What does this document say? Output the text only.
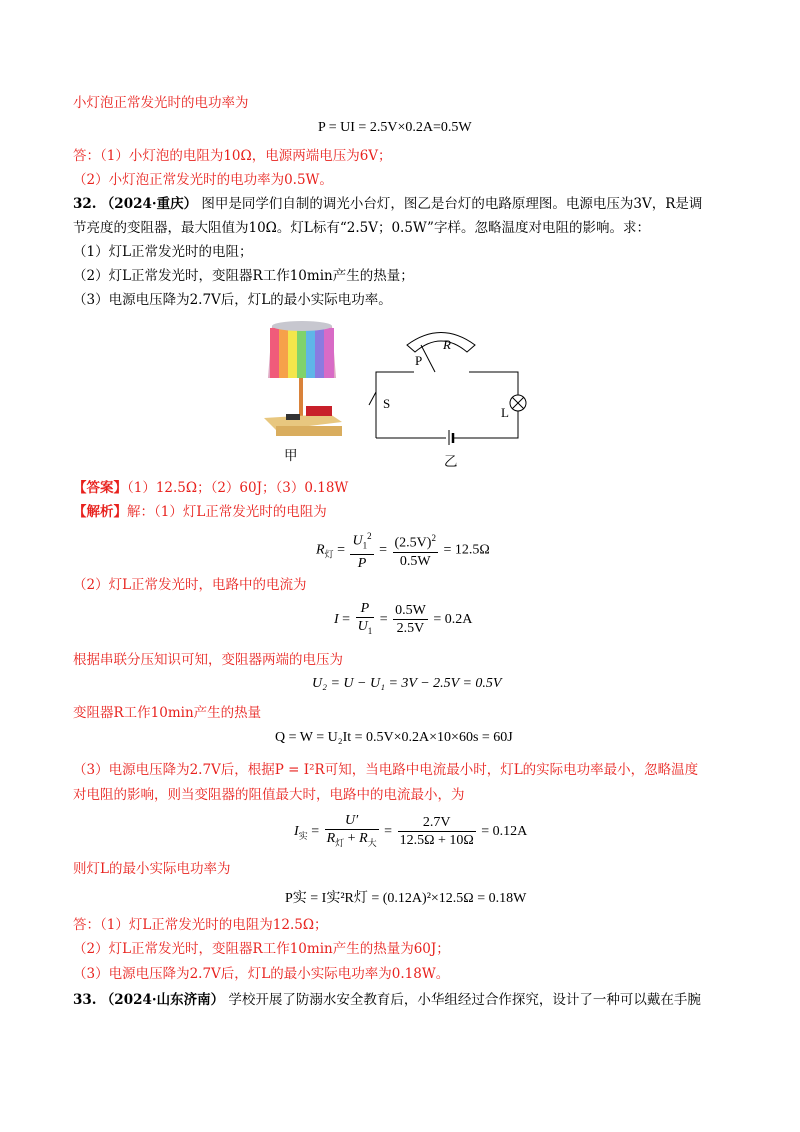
小灯泡正常发光时的电功率为
P = UI = 2.5V×0.2A=0.5W
答：（1）小灯泡的电阻为10Ω，电源两端电压为6V；
（2）小灯泡正常发光时的电功率为0.5W。
32. （2024·重庆） 图甲是同学们自制的调光小台灯，图乙是台灯的电路原理图。电源电压为3V，R是调
节亮度的变阻器，最大阻值为10Ω。灯L标有“2.5V；0.5W”字样。忽略温度对电阻的影响。求：
（1）灯L正常发光时的电阻；
（2）灯L正常发光时，变阻器R工作10min产生的热量；
（3）电源电压降为2.7V后，灯L的最小实际电功率。
P
R
S
L
甲	乙
【答案】（1）12.5Ω；（2）60J；（3）0.18W
【解析】解：（1）灯L正常发光时的电阻为
$R_灯 = \frac{U_1^2}{P} = \frac{(2.5V)^2}{0.5W} = 12.5\Omega$
（2）灯L正常发光时，电路中的电流为
$I = \frac{P}{U_1} = \frac{0.5W}{2.5V} = 0.2A$
根据串联分压知识可知，变阻器两端的电压为
U₂ = U − U₁ = 3V − 2.5V = 0.5V
变阻器R工作10min产生的热量
Q = W = U₂It = 0.5V×0.2A×10×60s = 60J
（3）电源电压降为2.7V后，根据P = I²R可知，当电路中电流最小时，灯L的实际电功率最小，忽略温度
对电阻的影响，则当变阻器的阻值最大时，电路中的电流最小，为
$I_实 = \frac{U'}{R_灯 + R_大} = \frac{2.7V}{12.5\Omega + 10\Omega} = 0.12A$
则灯L的最小实际电功率为
P实 = I实²R灯 = (0.12A)²×12.5Ω = 0.18W
答：（1）灯L正常发光时的电阻为12.5Ω；
（2）灯L正常发光时，变阻器R工作10min产生的热量为60J；
（3）电源电压降为2.7V后，灯L的最小实际电功率为0.18W。
33. （2024·山东济南） 学校开展了防溺水安全教育后，小华组经过合作探究，设计了一种可以戴在手腕
